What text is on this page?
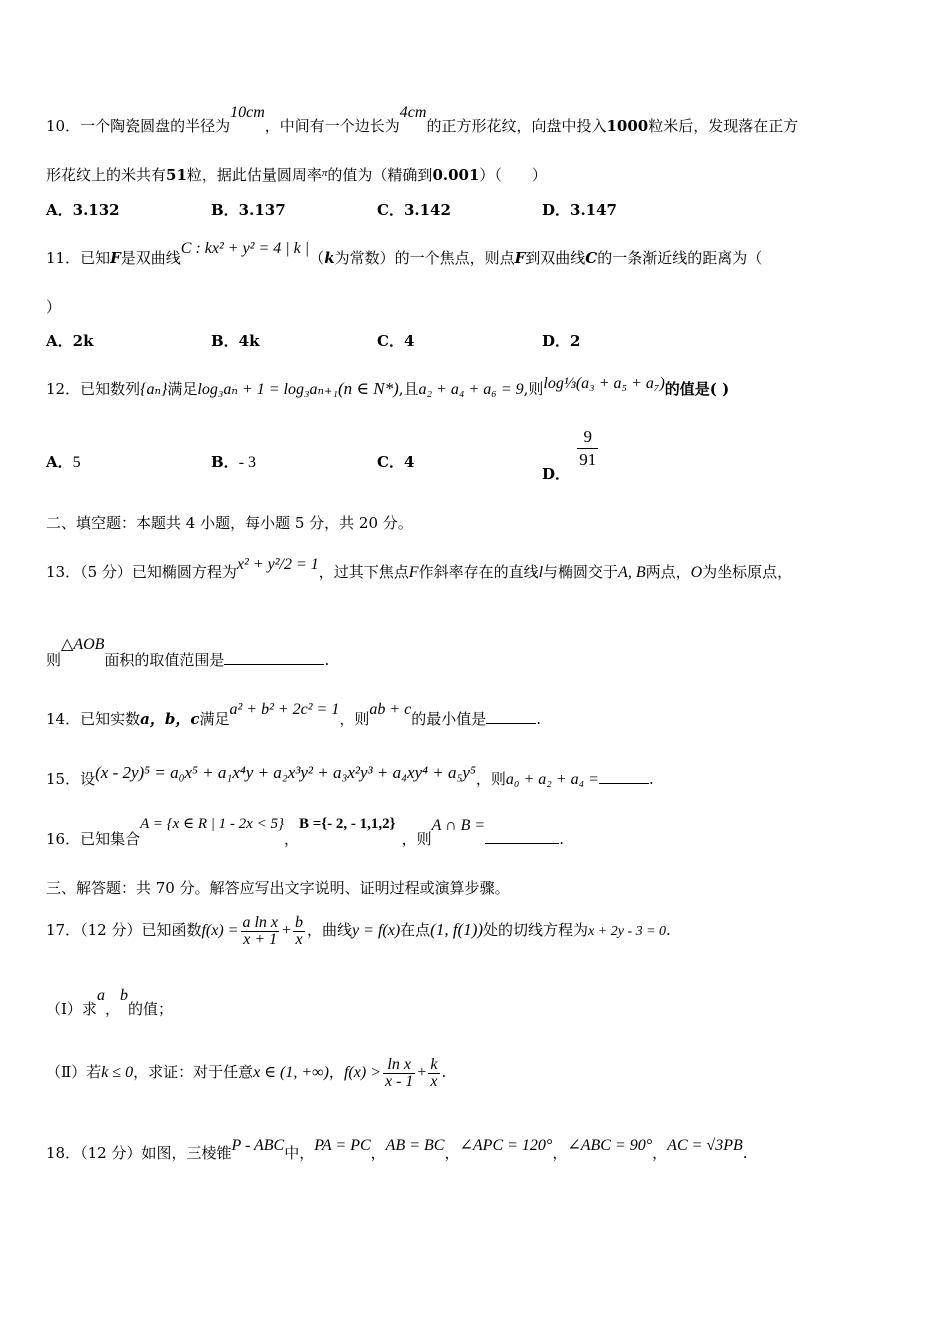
10．一个陶瓷圆盘的半径为10cm，中间有一个边长为4cm的正方形花纹，向盘中投入1000粒米后，发现落在正方
形花纹上的米共有51粒，据此估量圆周率$^\pi$的值为（精确到0.001）（　　）
A．3.132	B．3.137	C．3.142	D．3.147
11．已知F是双曲线C : kx² + y² = 4 | k |（k为常数）的一个焦点，则点F到双曲线C的一条渐近线的距离为（
）
A．2k	B．4k	C．4	D．2
12．已知数列{aₙ}满足log₃aₙ + 1 = log₃aₙ₊₁(n ∈ N*),且a₂ + a₄ + a₆ = 9,则log⅓(a₃ + a₅ + a₇)的值是( )
A．5	B．- 3	C．4
D．
$\frac{9}{91}$
二、填空题：本题共 4 小题，每小题 5 分，共 20 分。
13．（5 分）已知椭圆方程为x² + y²/2 = 1，过其下焦点F作斜率存在的直线l与椭圆交于A, B两点，O为坐标原点，
则△AOB面积的取值范围是	.
14．已知实数a，b，c满足a² + b² + 2c² = 1，则ab + c的最小值是	.
15．设(x - 2y)⁵ = a₀x⁵ + a₁x⁴y + a₂x³y² + a₃x²y³ + a₄xy⁴ + a₅y⁵，则a₀ + a₂ + a₄ =	.
16．已知集合A = {x ∈ R | 1 - 2x < 5}，B ={- 2, - 1,1,2}，则A ∩ B =.
三、解答题：共 70 分。解答应写出文字说明、证明过程或演算步骤。
17．（12 分）已知函数$f(x) = \frac{\text{a ln x}}{x + 1} + \frac{b}{x}$ ，曲线y = f(x)在点(1, f(1))处的切线方程为x + 2y - 3 = 0.
（Ⅰ）求a，b的值；
（Ⅱ）若k ≤ 0，求证：对于任意x ∈ (1, +∞)，$f(x) > \frac{\text{ln x}}{x - 1} + \frac{k}{x}$ .
18．（12 分）如图，三棱锥P - ABC中，PA = PC，AB = BC，∠APC = 120°，∠ABC = 90°，AC = √3PB.
